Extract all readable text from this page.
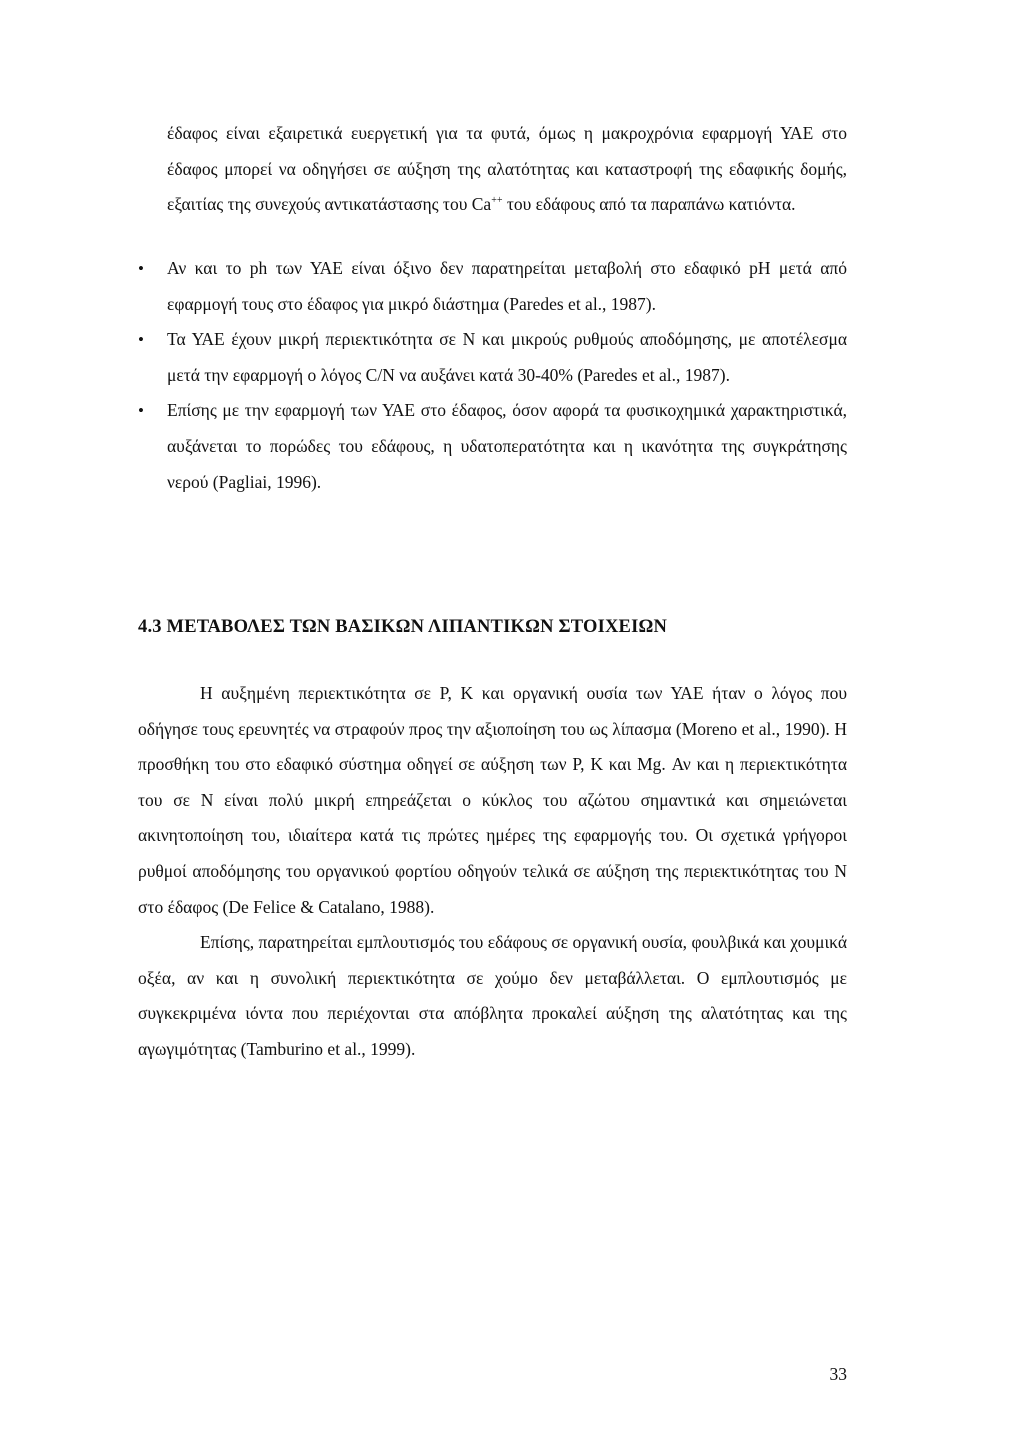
έδαφος είναι εξαιρετικά ευεργετική για τα φυτά, όμως η μακροχρόνια εφαρμογή ΥΑΕ στο έδαφος μπορεί να οδηγήσει σε αύξηση της αλατότητας και καταστροφή της εδαφικής δομής, εξαιτίας της συνεχούς αντικατάστασης του Ca++ του εδάφους από τα παραπάνω κατιόντα.
• Αν και το ph των ΥΑΕ είναι όξινο δεν παρατηρείται μεταβολή στο εδαφικό pH μετά από εφαρμογή τους στο έδαφος για μικρό διάστημα (Paredes et al., 1987).
• Τα ΥΑΕ έχουν μικρή περιεκτικότητα σε Ν και μικρούς ρυθμούς αποδόμησης, με αποτέλεσμα μετά την εφαρμογή ο λόγος C/N να αυξάνει κατά 30-40% (Paredes et al., 1987).
• Επίσης με την εφαρμογή των ΥΑΕ στο έδαφος, όσον αφορά τα φυσικοχημικά χαρακτηριστικά, αυξάνεται το πορώδες του εδάφους, η υδατοπερατότητα και η ικανότητα της συγκράτησης νερού (Pagliai, 1996).
4.3 ΜΕΤΑΒΟΛΕΣ ΤΩΝ ΒΑΣΙΚΩΝ ΛΙΠΑΝΤΙΚΩΝ ΣΤΟΙΧΕΙΩΝ

Η αυξημένη περιεκτικότητα σε Ρ, Κ και οργανική ουσία των ΥΑΕ ήταν ο λόγος που οδήγησε τους ερευνητές να στραφούν προς την αξιοποίηση του ως λίπασμα (Moreno et al., 1990). Η προσθήκη του στο εδαφικό σύστημα οδηγεί σε αύξηση των Ρ, Κ και Mg. Αν και η περιεκτικότητα του σε Ν είναι πολύ μικρή επηρεάζεται ο κύκλος του αζώτου σημαντικά και σημειώνεται ακινητοποίηση του, ιδιαίτερα κατά τις πρώτες ημέρες της εφαρμογής του. Οι σχετικά γρήγοροι ρυθμοί αποδόμησης του οργανικού φορτίου οδηγούν τελικά σε αύξηση της περιεκτικότητας του Ν στο έδαφος (De Felice & Catalano, 1988).

Επίσης, παρατηρείται εμπλουτισμός του εδάφους σε οργανική ουσία, φουλβικά και χουμικά οξέα, αν και η συνολική περιεκτικότητα σε χούμο δεν μεταβάλλεται. Ο εμπλουτισμός με συγκεκριμένα ιόντα που περιέχονται στα απόβλητα προκαλεί αύξηση της αλατότητας και της αγωγιμότητας (Tamburino et al., 1999).

33
